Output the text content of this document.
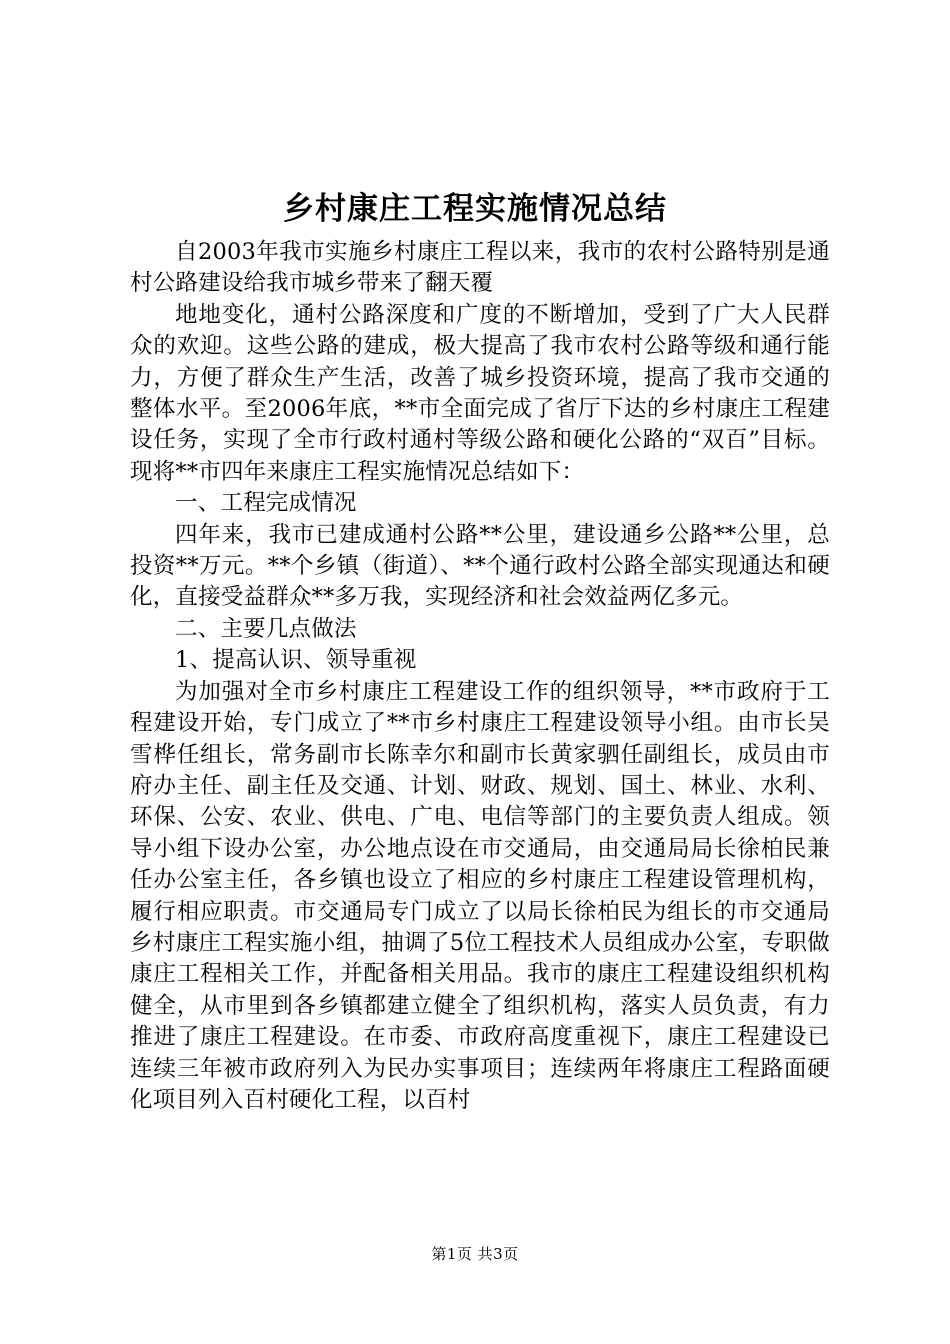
乡村康庄工程实施情况总结

自2003年我市实施乡村康庄工程以来，我市的农村公路特别是通村公路建设给我市城乡带来了翻天覆

地地变化，通村公路深度和广度的不断增加，受到了广大人民群众的欢迎。这些公路的建成，极大提高了我市农村公路等级和通行能力，方便了群众生产生活，改善了城乡投资环境，提高了我市交通的整体水平。至2006年底，**市全面完成了省厅下达的乡村康庄工程建设任务，实现了全市行政村通村等级公路和硬化公路的“双百”目标。现将**市四年来康庄工程实施情况总结如下：

一、工程完成情况

四年来，我市已建成通村公路**公里，建设通乡公路**公里，总投资**万元。**个乡镇（街道）、**个通行政村公路全部实现通达和硬化，直接受益群众**多万我，实现经济和社会效益两亿多元。

二、主要几点做法

1、提高认识、领导重视

为加强对全市乡村康庄工程建设工作的组织领导，**市政府于工程建设开始，专门成立了**市乡村康庄工程建设领导小组。由市长吴雪桦任组长，常务副市长陈幸尔和副市长黄家驷任副组长，成员由市府办主任、副主任及交通、计划、财政、规划、国土、林业、水利、环保、公安、农业、供电、广电、电信等部门的主要负责人组成。领导小组下设办公室，办公地点设在市交通局，由交通局局长徐柏民兼任办公室主任，各乡镇也设立了相应的乡村康庄工程建设管理机构，履行相应职责。市交通局专门成立了以局长徐柏民为组长的市交通局乡村康庄工程实施小组，抽调了5位工程技术人员组成办公室，专职做康庄工程相关工作，并配备相关用品。我市的康庄工程建设组织机构健全，从市里到各乡镇都建立健全了组织机构，落实人员负责，有力推进了康庄工程建设。在市委、市政府高度重视下，康庄工程建设已连续三年被市政府列入为民办实事项目；连续两年将康庄工程路面硬化项目列入百村硬化工程，以百村

第1页 共3页
